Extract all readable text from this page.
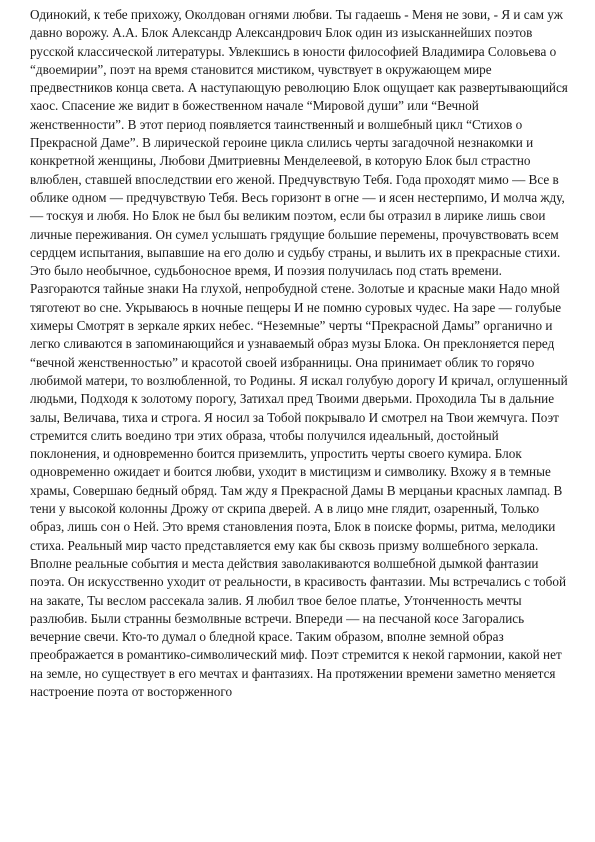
Одинокий, к тебе прихожу, Околдован огнями любви. Ты гадаешь - Меня не зови, - Я и сам уж давно ворожу. А.А. Блок Александр Александрович Блок один из изысканнейших поэтов русской классической литературы. Увлекшись в юности философией Владимира Соловьева о “двоемирии”, поэт на время становится мистиком, чувствует в окружающем мире предвестников конца света. А наступающую революцию Блок ощущает как развертывающийся хаос. Спасение же видит в божественном начале “Мировой души” или “Вечной женственности”. В этот период появляется таинственный и волшебный цикл “Стихов о Прекрасной Даме”. В лирической героине цикла слились черты загадочной незнакомки и конкретной женщины, Любови Дмитриевны Менделеевой, в которую Блок был страстно влюблен, ставшей впоследствии его женой. Предчувствую Тебя. Года проходят мимо — Все в облике одном — предчувствую Тебя. Весь горизонт в огне — и ясен нестерпимо, И молча жду, — тоскуя и любя. Но Блок не был бы великим поэтом, если бы отразил в лирике лишь свои личные переживания. Он сумел услышать грядущие большие перемены, прочувствовать всем сердцем испытания, выпавшие на его долю и судьбу страны, и вылить их в прекрасные стихи. Это было необычное, судьбоносное время, И поэзия получилась под стать времени. Разгораются тайные знаки На глухой, непробудной стене. Золотые и красные маки Надо мной тяготеют во сне. Укрываюсь в ночные пещеры И не помню суровых чудес. На заре — голубые химеры Смотрят в зеркале ярких небес. “Неземные” черты “Прекрасной Дамы” органично и легко сливаются в запоминающийся и узнаваемый образ музы Блока. Он преклоняется перед “вечной женственностью” и красотой своей избранницы. Она принимает облик то горячо любимой матери, то возлюбленной, то Родины. Я искал голубую дорогу И кричал, оглушенный людьми, Подходя к золотому порогу, Затихал пред Твоими дверьми. Проходила Ты в дальние залы, Величава, тиха и строга. Я носил за Тобой покрывало И смотрел на Твои жемчуга. Поэт стремится слить воедино три этих образа, чтобы получился идеальный, достойный поклонения, и одновременно боится приземлить, упростить черты своего кумира. Блок одновременно ожидает и боится любви, уходит в мистицизм и символику. Вхожу я в темные храмы, Совершаю бедный обряд. Там жду я Прекрасной Дамы В мерцаньи красных лампад. В тени у высокой колонны Дрожу от скрипа дверей. А в лицо мне глядит, озаренный, Только образ, лишь сон о Ней. Это время становления поэта, Блок в поиске формы, ритма, мелодики стиха. Реальный мир часто представляется ему как бы сквозь призму волшебного зеркала. Вполне реальные события и места действия заволакиваются волшебной дымкой фантазии поэта. Он искусственно уходит от реальности, в красивость фантазии. Мы встречались с тобой на закате, Ты веслом рассекала залив. Я любил твое белое платье, Утонченность мечты разлюбив. Были странны безмолвные встречи. Впереди — на песчаной косе Загорались вечерние свечи. Кто-то думал о бледной красе. Таким образом, вполне земной образ преображается в романтико-символический миф. Поэт стремится к некой гармонии, какой нет на земле, но существует в его мечтах и фантазиях. На протяжении времени заметно меняется настроение поэта от восторженного
